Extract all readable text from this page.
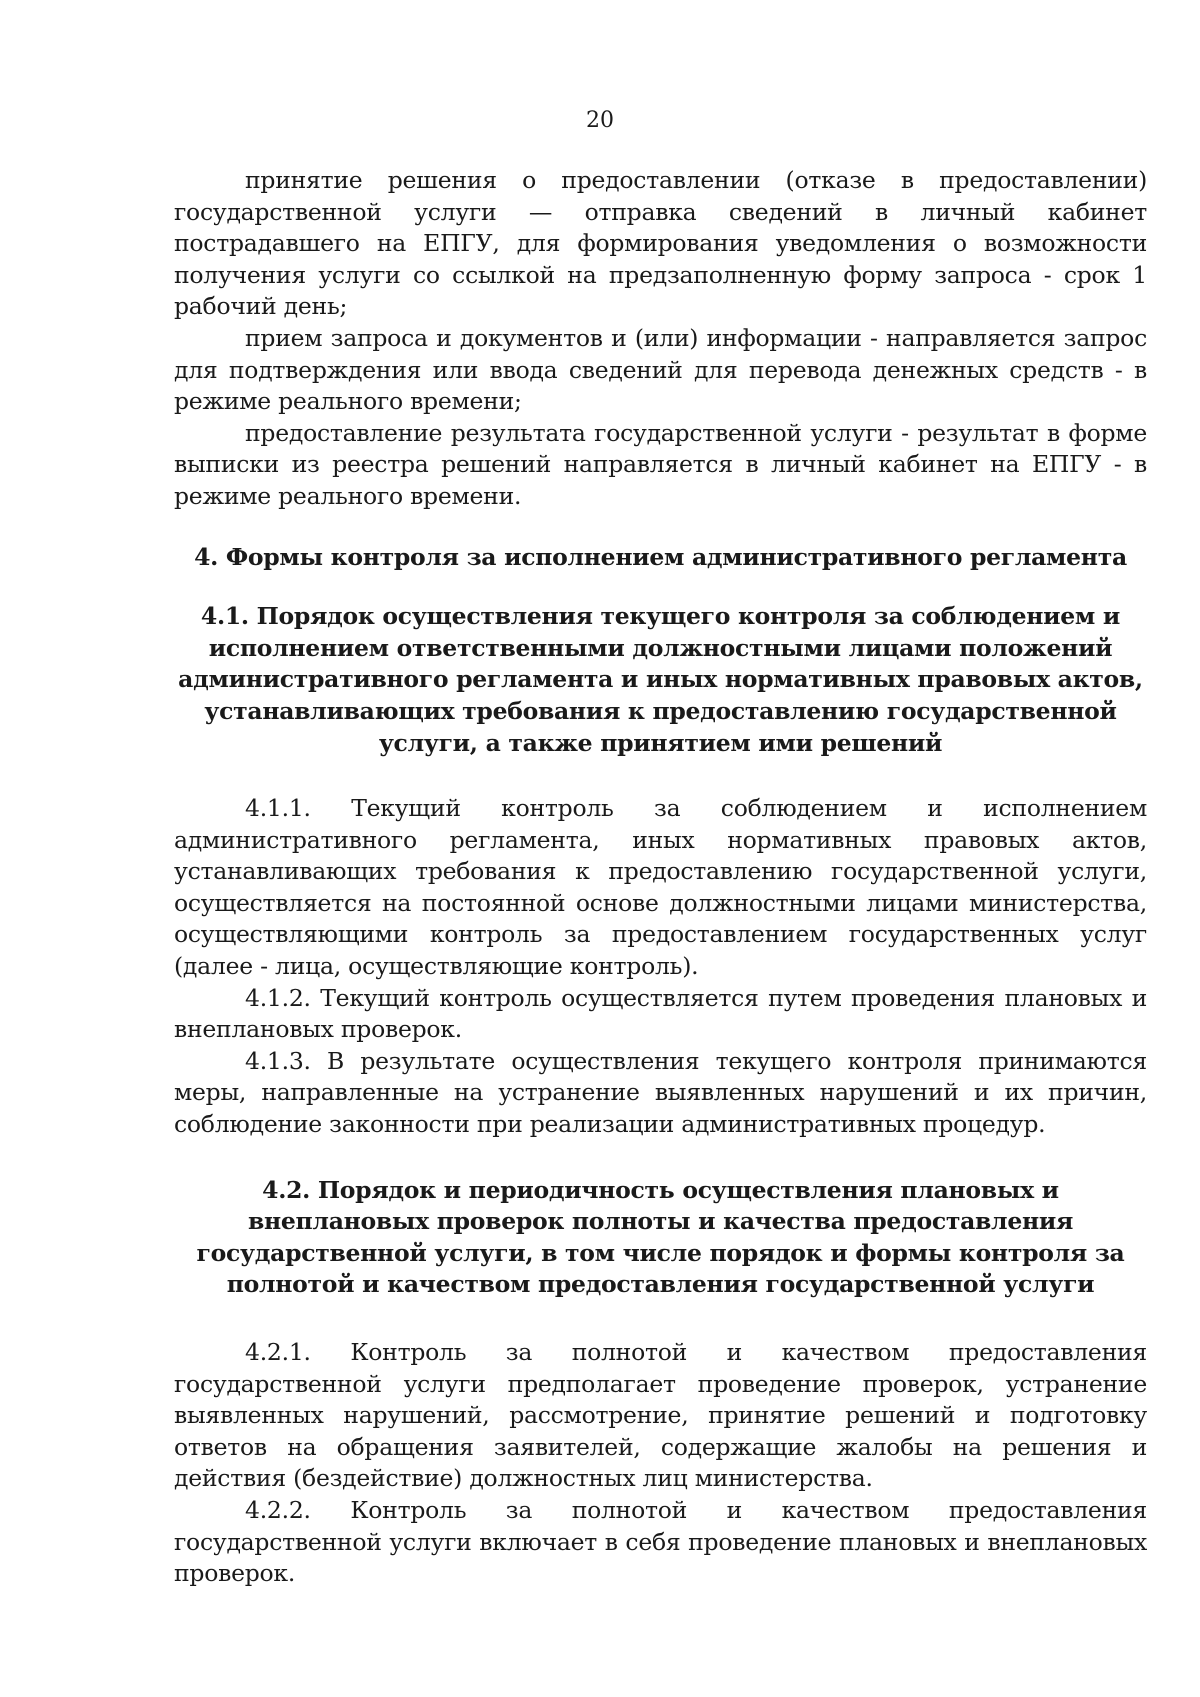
20

принятие решения о предоставлении (отказе в предоставлении) государственной услуги — отправка сведений в личный кабинет пострадавшего на ЕПГУ, для формирования уведомления о возможности получения услуги со ссылкой на предзаполненную форму запроса - срок 1 рабочий день;

прием запроса и документов и (или) информации - направляется запрос для подтверждения или ввода сведений для перевода денежных средств - в режиме реального времени;

предоставление результата государственной услуги - результат в форме выписки из реестра решений направляется в личный кабинет на ЕПГУ - в режиме реального времени.

4. Формы контроля за исполнением административного регламента
4.1. Порядок осуществления текущего контроля за соблюдением и исполнением ответственными должностными лицами положений административного регламента и иных нормативных правовых актов, устанавливающих требования к предоставлению государственной услуги, а также принятием ими решений

4.1.1. Текущий контроль за соблюдением и исполнением административного регламента, иных нормативных правовых актов, устанавливающих требования к предоставлению государственной услуги, осуществляется на постоянной основе должностными лицами министерства, осуществляющими контроль за предоставлением государственных услуг (далее - лица, осуществляющие контроль).

4.1.2. Текущий контроль осуществляется путем проведения плановых и внеплановых проверок.

4.1.3. В результате осуществления текущего контроля принимаются меры, направленные на устранение выявленных нарушений и их причин, соблюдение законности при реализации административных процедур.

4.2. Порядок и периодичность осуществления плановых и внеплановых проверок полноты и качества предоставления государственной услуги, в том числе порядок и формы контроля за полнотой и качеством предоставления государственной услуги

4.2.1. Контроль за полнотой и качеством предоставления государственной услуги предполагает проведение проверок, устранение выявленных нарушений, рассмотрение, принятие решений и подготовку ответов на обращения заявителей, содержащие жалобы на решения и действия (бездействие) должностных лиц министерства.

4.2.2. Контроль за полнотой и качеством предоставления государственной услуги включает в себя проведение плановых и внеплановых проверок.
